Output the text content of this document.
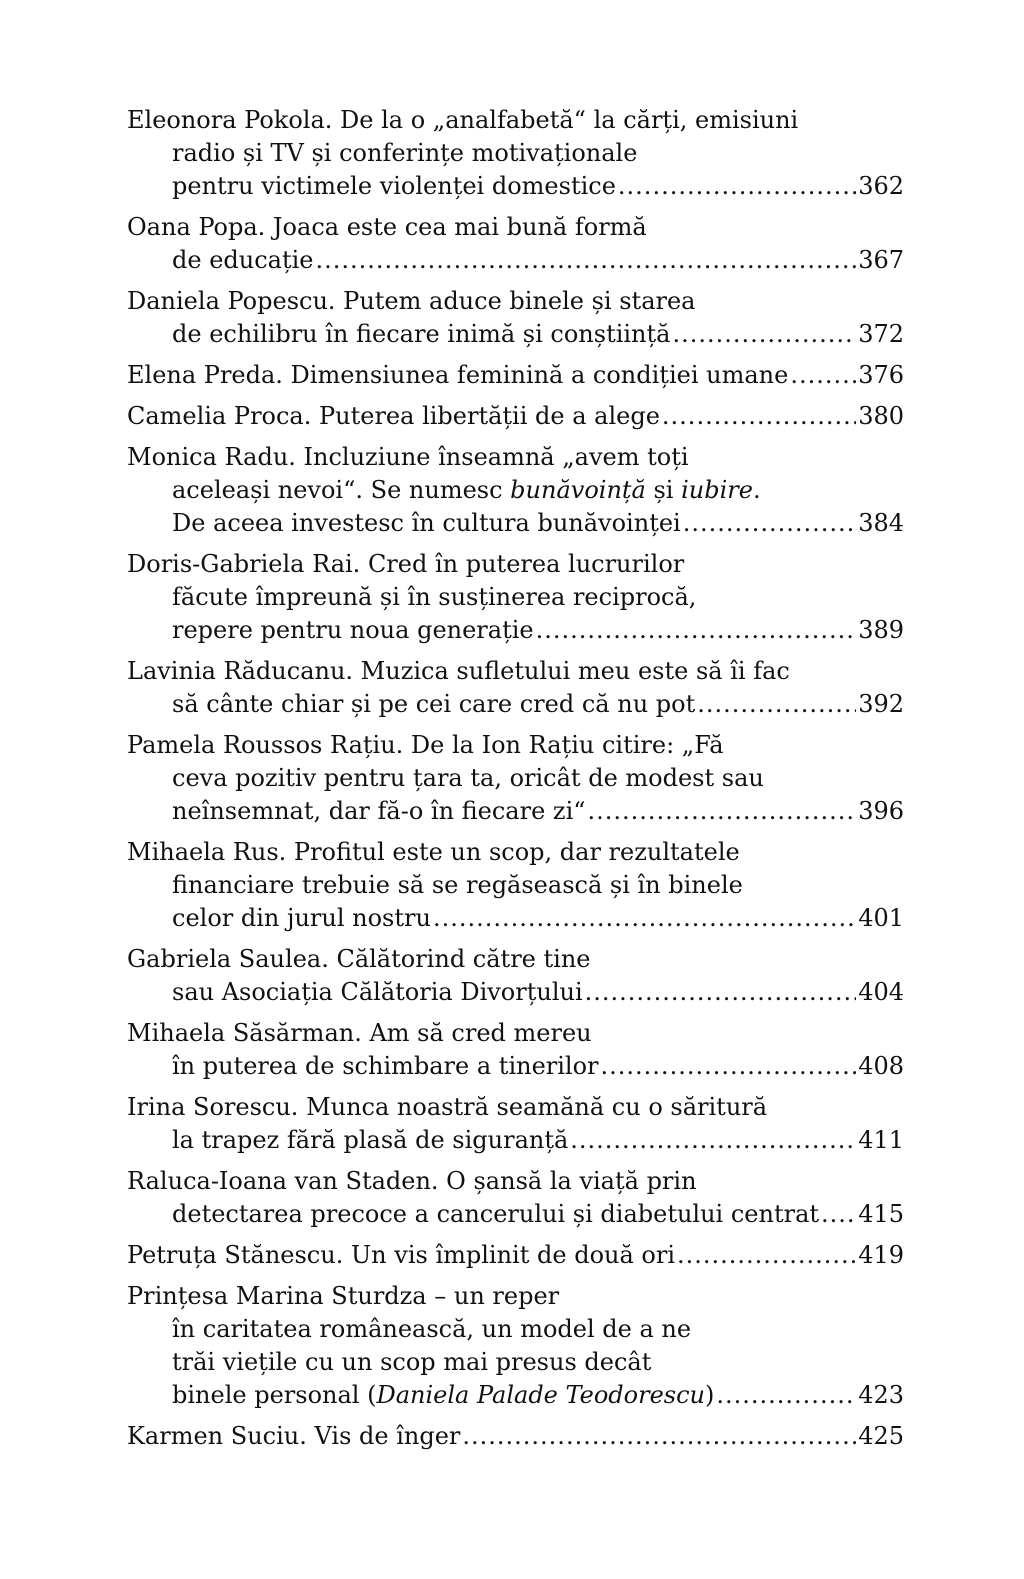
Eleonora Pokola. De la o „analfabetă“ la cărți, emisiuni
radio și TV și conferințe motivaționale
pentru victimele violenței domestice .....	362
Oana Popa. Joaca este cea mai bună formă
de educație .....	367
Daniela Popescu. Putem aduce binele și starea
de echilibru în fiecare inimă și conștiință .....	372
Elena Preda. Dimensiunea feminină a condiției umane .....	376
Camelia Proca. Puterea libertății de a alege .....	380
Monica Radu. Incluziune înseamnă „avem toți
aceleași nevoi“. Se numesc bunăvoință și iubire.
De aceea investesc în cultura bunăvoinței .....	384
Doris-Gabriela Rai. Cred în puterea lucrurilor
făcute împreună și în susținerea reciprocă,
repere pentru noua generație .....	389
Lavinia Răducanu. Muzica sufletului meu este să îi fac
să cânte chiar și pe cei care cred că nu pot .....	392
Pamela Roussos Rațiu. De la Ion Rațiu citire: „Fă
ceva pozitiv pentru țara ta, oricât de modest sau
neînsemnat, dar fă-o în fiecare zi“ .....	396
Mihaela Rus. Profitul este un scop, dar rezultatele
financiare trebuie să se regăsească și în binele
celor din jurul nostru .....	401
Gabriela Saulea. Călătorind către tine
sau Asociația Călătoria Divorțului .....	404
Mihaela Săsărman. Am să cred mereu
în puterea de schimbare a tinerilor .....	408
Irina Sorescu. Munca noastră seamănă cu o săritură
la trapez fără plasă de siguranță .....	411
Raluca-Ioana van Staden. O șansă la viață prin
detectarea precoce a cancerului și diabetului centrat ..... 415
Petruța Stănescu. Un vis împlinit de două ori .....	419
Prințesa Marina Sturdza – un reper
în caritatea românească, un model de a ne
trăi viețile cu un scop mai presus decât
binele personal (Daniela Palade Teodorescu) .....	423
Karmen Suciu. Vis de înger .....	425
